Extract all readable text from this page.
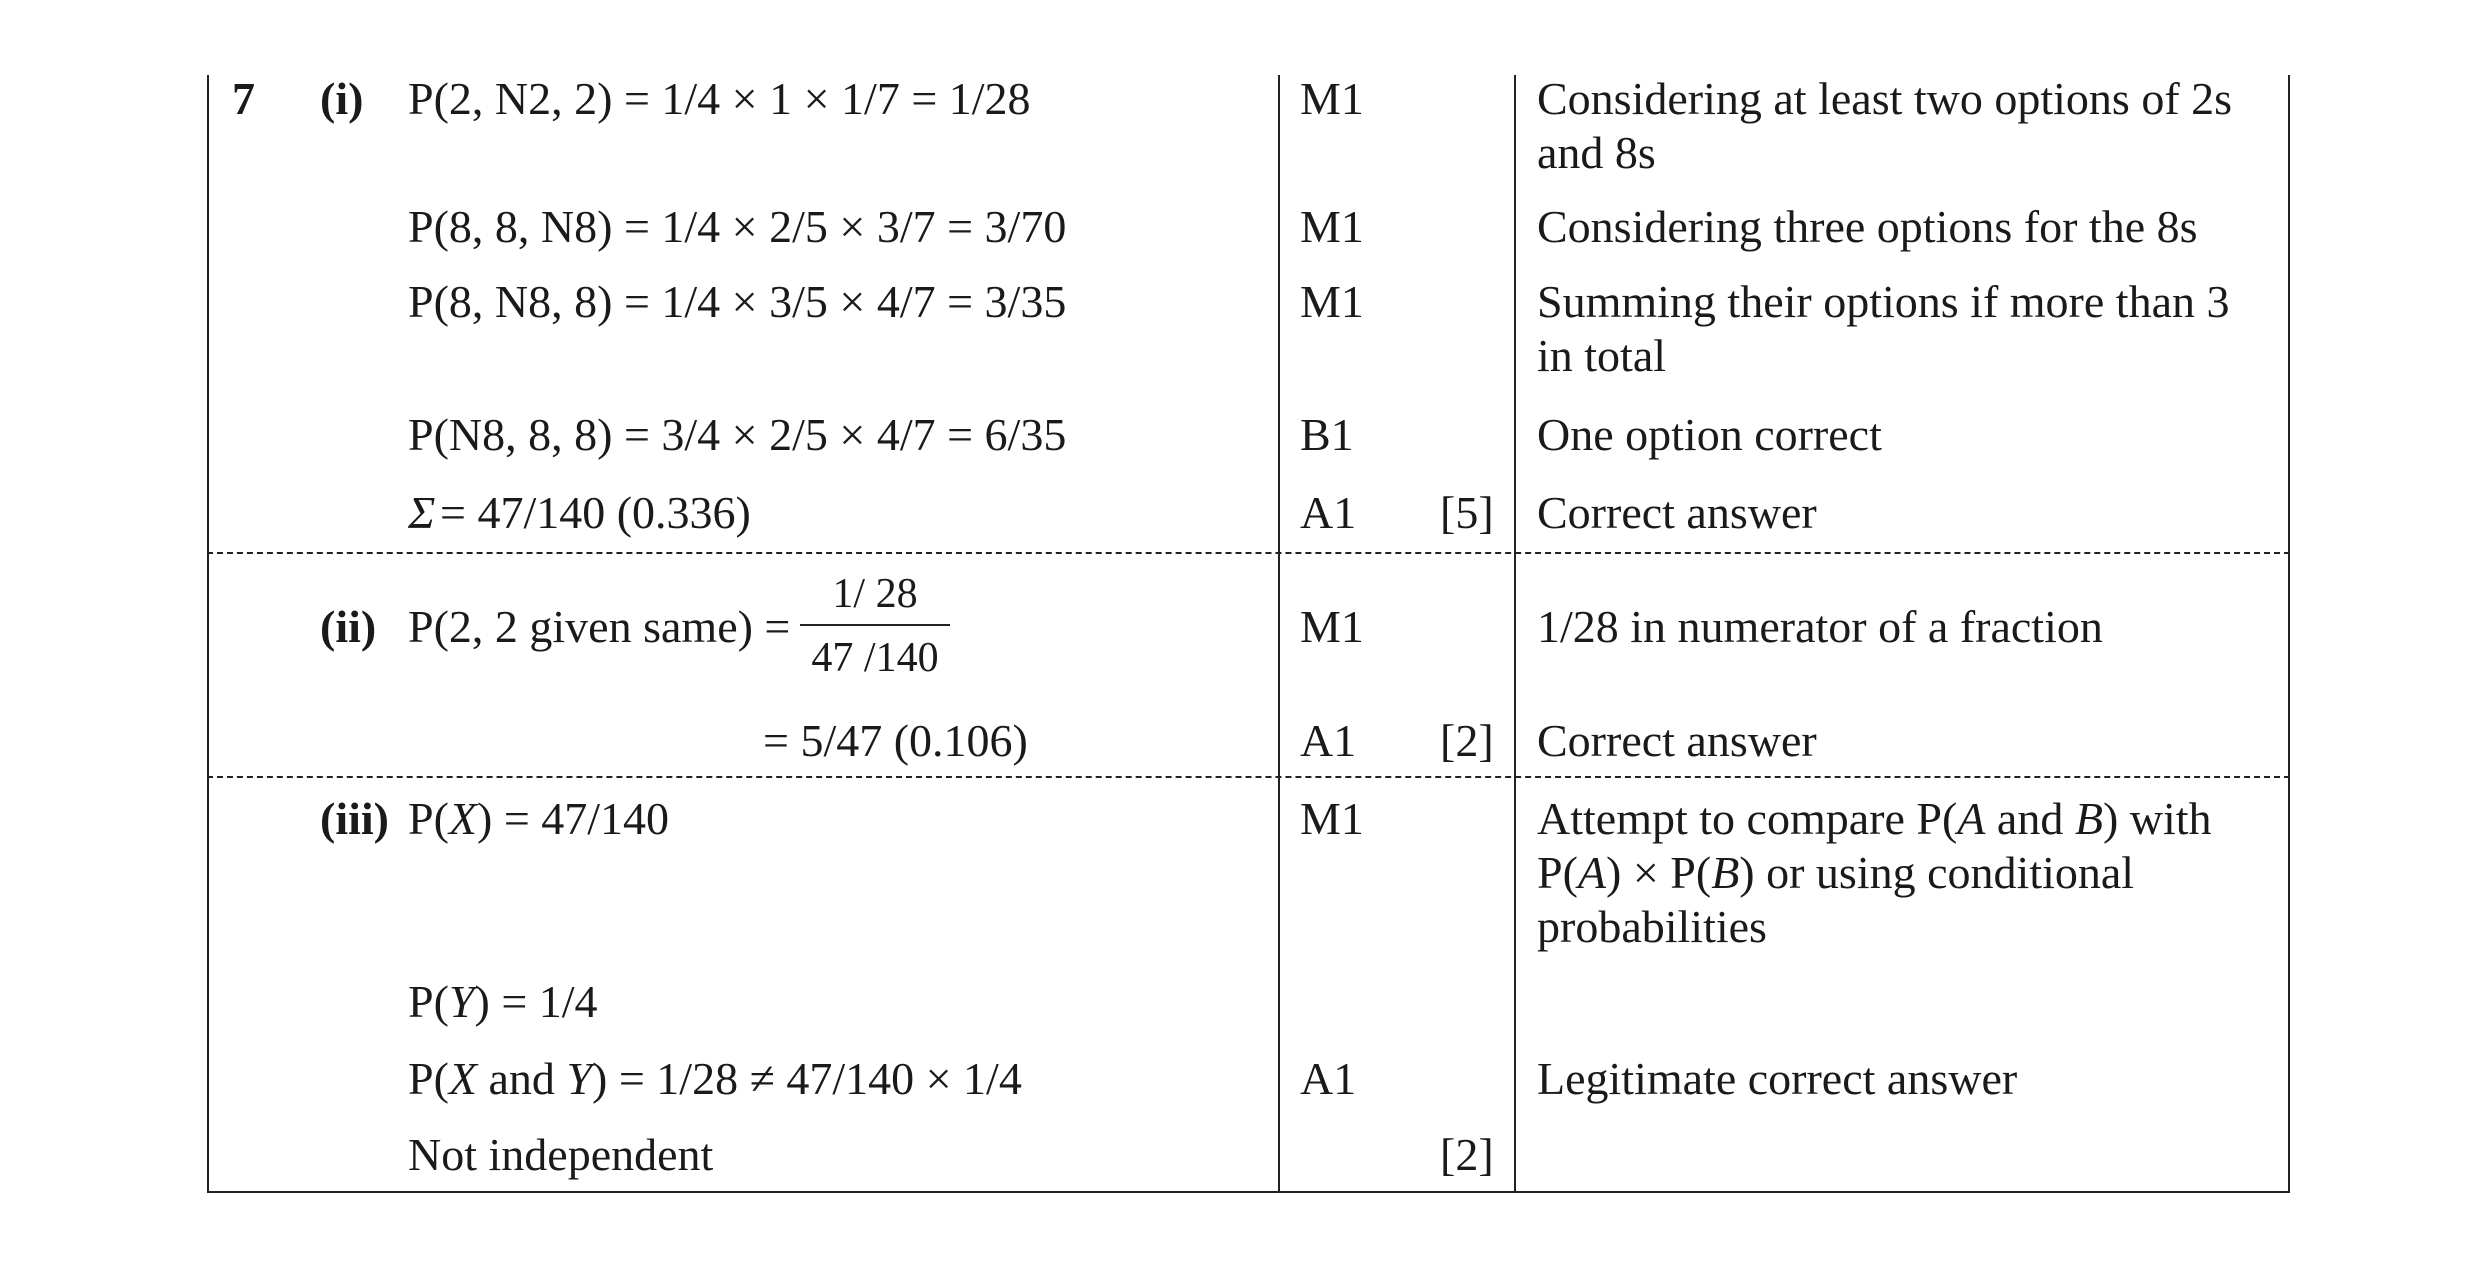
7 (i) P(2, N2, 2) = 1/4 × 1 × 1/7 = 1/28	M1	Considering at least two options of 2s and 8s
P(8, 8, N8) = 1/4 × 2/5 × 3/7 = 3/70	M1	Considering three options for the 8s
P(8, N8, 8) = 1/4 × 3/5 × 4/7 = 3/35	M1	Summing their options if more than 3 in total
P(N8, 8, 8) = 3/4 × 2/5 × 4/7 = 6/35	B1	One option correct
Σ = 47/140 (0.336)	A1 [5] Correct answer
(ii) P(2, 2 given same) =
1/ 28
47 /140
M1	1/28 in numerator of a fraction
= 5/47 (0.106)	A1 [2] Correct answer
(iii) P(X) = 47/140	M1	Attempt to compare P(A and B) with
P(A) × P(B) or using conditional
probabilities
P(Y) = 1/4
P(X and Y) = 1/28 ≠ 47/140 × 1/4	A1	Legitimate correct answer
Not independent	[2]
